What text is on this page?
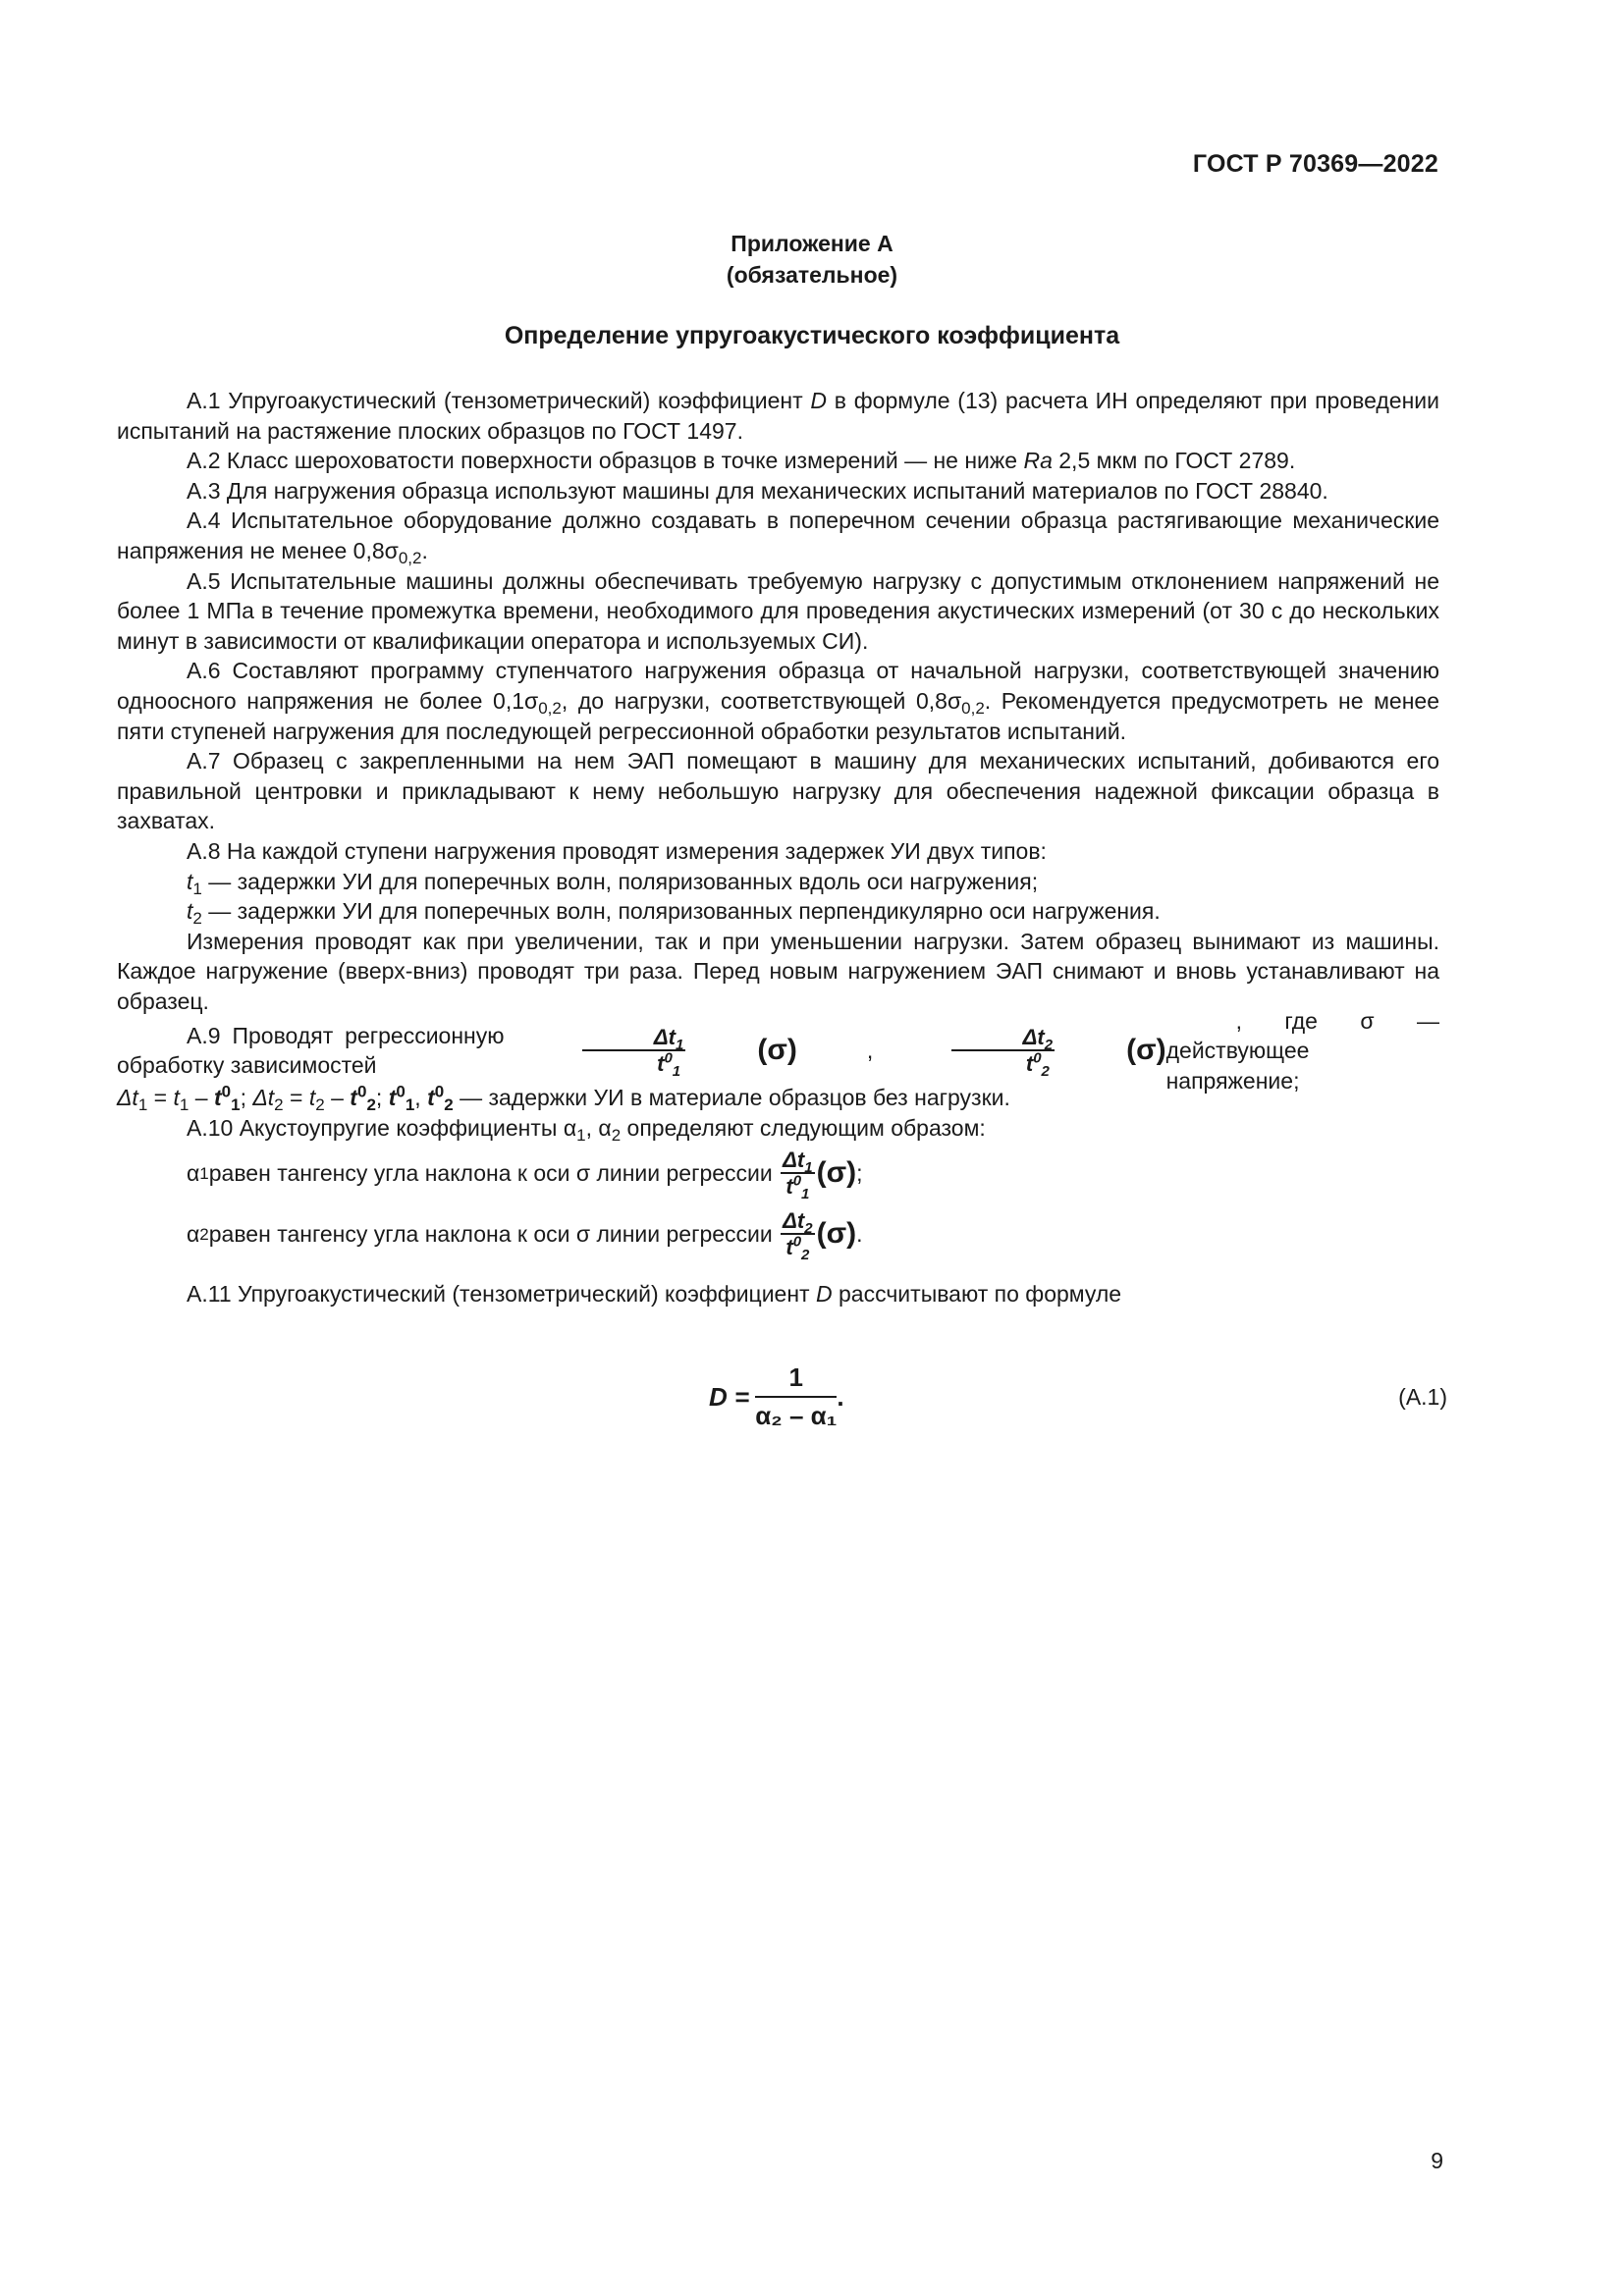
ГОСТ Р 70369—2022
Приложение А
(обязательное)
Определение упругоакустического коэффициента

А.1 Упругоакустический (тензометрический) коэффициент D в формуле (13) расчета ИН определяют при проведении испытаний на растяжение плоских образцов по ГОСТ 1497.

А.2 Класс шероховатости поверхности образцов в точке измерений — не ниже Ra 2,5 мкм по ГОСТ 2789.

А.3 Для нагружения образца используют машины для механических испытаний материалов по ГОСТ 28840.

А.4 Испытательное оборудование должно создавать в поперечном сечении образца растягивающие механические напряжения не менее $0,8\sigma_{0,2}$.

А.5 Испытательные машины должны обеспечивать требуемую нагрузку с допустимым отклонением напряжений не более 1 МПа в течение промежутка времени, необходимого для проведения акустических измерений (от 30 с до нескольких минут в зависимости от квалификации оператора и используемых СИ).

А.6 Составляют программу ступенчатого нагружения образца от начальной нагрузки, соответствующей значению одноосного напряжения не более $0,1\sigma_{0,2}$, до нагрузки, соответствующей $0,8\sigma_{0,2}$. Рекомендуется предусмотреть не менее пяти ступеней нагружения для последующей регрессионной обработки результатов испытаний.

А.7 Образец с закрепленными на нем ЭАП помещают в машину для механических испытаний, добиваются его правильной центровки и прикладывают к нему небольшую нагрузку для обеспечения надежной фиксации образца в захватах.

А.8 На каждой ступени нагружения проводят измерения задержек УИ двух типов:

$t_1$ — задержки УИ для поперечных волн, поляризованных вдоль оси нагружения;

$t_2$ — задержки УИ для поперечных волн, поляризованных перпендикулярно оси нагружения.

Измерения проводят как при увеличении, так и при уменьшении нагрузки. Затем образец вынимают из машины. Каждое нагружение (вверх-вниз) проводят три раза. Перед новым нагружением ЭАП снимают и вновь устанавливают на образец.

А.9 Проводят регрессионную обработку зависимостей
	$\frac{\Delta t_1}{t^0_1}$	(σ)	,
	$\frac{\Delta t_2}{t^0_2}$	(σ)
, где σ — действующее напряжение;

$\Delta t_1 = t_1 - t^0_1$; $\Delta t_2 = t_2 - t^0_2$; $t^0_1$, $t^0_2$ — задержки УИ в материале образцов без нагрузки.

А.10 Акустоупругие коэффициенты $\alpha_1$, $\alpha_2$ определяют следующим образом:

α 1 равен тангенсу угла наклона к оси σ линии регрессии
$\frac{\Delta t_1}{t^0_1} (\sigma)$ ;

α 2 равен тангенсу угла наклона к оси σ линии регрессии
$\frac{\Delta t_2}{t^0_2} (\sigma)$ .

А.11 Упругоакустический (тензометрический) коэффициент D рассчитывают по формуле

$D = \frac{1}{\text{α₂ – α₁}}$ .	(А.1)
9
